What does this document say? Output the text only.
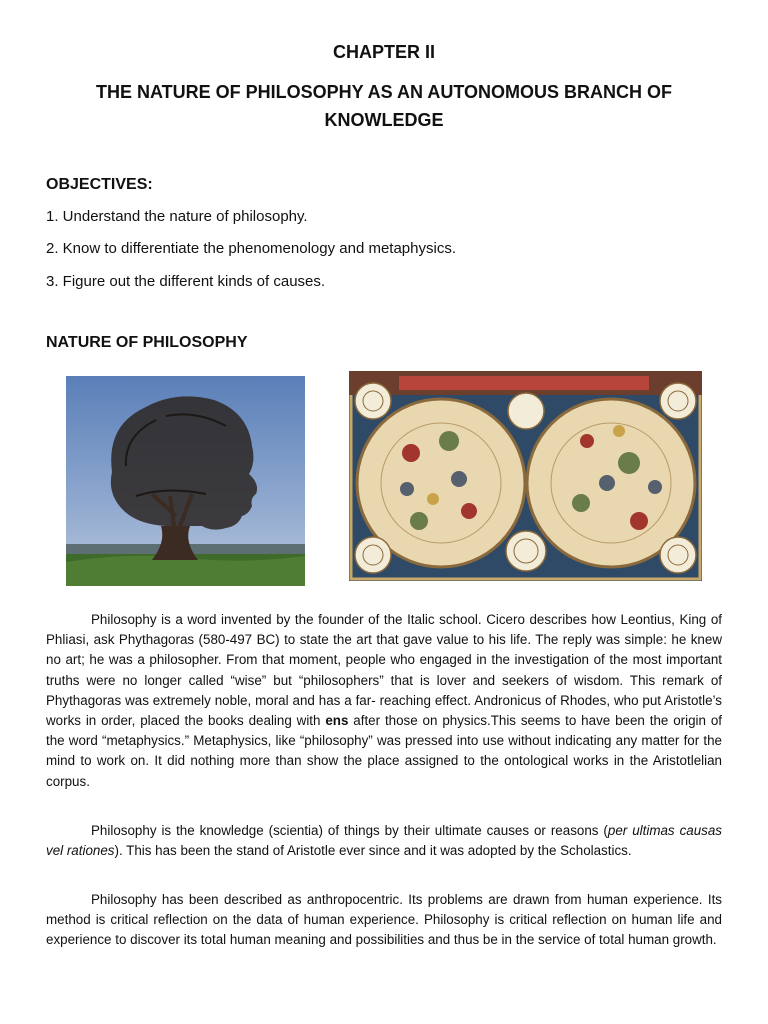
CHAPTER II
THE NATURE OF PHILOSOPHY AS AN AUTONOMOUS BRANCH OF KNOWLEDGE
OBJECTIVES:
1. Understand the nature of philosophy.
2. Know to differentiate the phenomenology and metaphysics.
3. Figure out the different kinds of causes.
NATURE OF PHILOSOPHY

Philosophy is a word invented by the founder of the Italic school. Cicero describes how Leontius, King of Phliasi, ask Phythagoras (580-497 BC) to state the art that gave value to his life. The reply was simple: he knew no art; he was a philosopher. From that moment, people who engaged in the investigation of the most important truths were no longer called “wise” but “philosophers” that is lover and seekers of wisdom. This remark of Phythagoras was extremely noble, moral and has a far- reaching effect. Andronicus of Rhodes, who put Aristotle’s works in order, placed the books dealing with ens after those on physics.This seems to have been the origin of the word “metaphysics.” Metaphysics, like “philosophy” was pressed into use without indicating any matter for the mind to work on. It did nothing more than show the place assigned to the ontological works in the Aristotlelian corpus.

Philosophy is the knowledge (scientia) of things by their ultimate causes or reasons (per ultimas causas vel rationes). This has been the stand of Aristotle ever since and it was adopted by the Scholastics.

Philosophy has been described as anthropocentric. Its problems are drawn from human experience. Its method is critical reflection on the data of human experience. Philosophy is critical reflection on human life and experience to discover its total human meaning and possibilities and thus be in the service of total human growth.
